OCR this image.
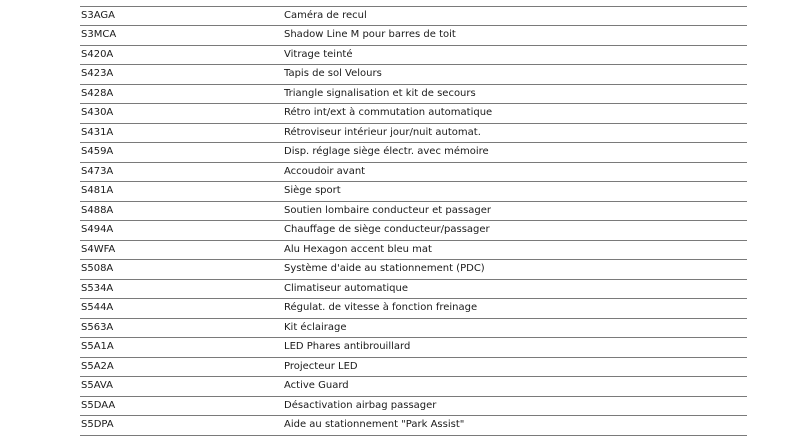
S3AGA	Caméra de recul
S3MCA	Shadow Line M pour barres de toit
S420A	Vitrage teinté
S423A	Tapis de sol Velours
S428A	Triangle signalisation et kit de secours
S430A	Rétro int/ext à commutation automatique
S431A	Rétroviseur intérieur jour/nuit automat.
S459A	Disp. réglage siège électr. avec mémoire
S473A	Accoudoir avant
S481A	Siège sport
S488A	Soutien lombaire conducteur et passager
S494A	Chauffage de siège conducteur/passager
S4WFA	Alu Hexagon accent bleu mat
S508A	Système d'aide au stationnement (PDC)
S534A	Climatiseur automatique
S544A	Régulat. de vitesse à fonction freinage
S563A	Kit éclairage
S5A1A	LED Phares antibrouillard
S5A2A	Projecteur LED
S5AVA	Active Guard
S5DAA	Désactivation airbag passager
S5DPA	Aide au stationnement "Park Assist"
